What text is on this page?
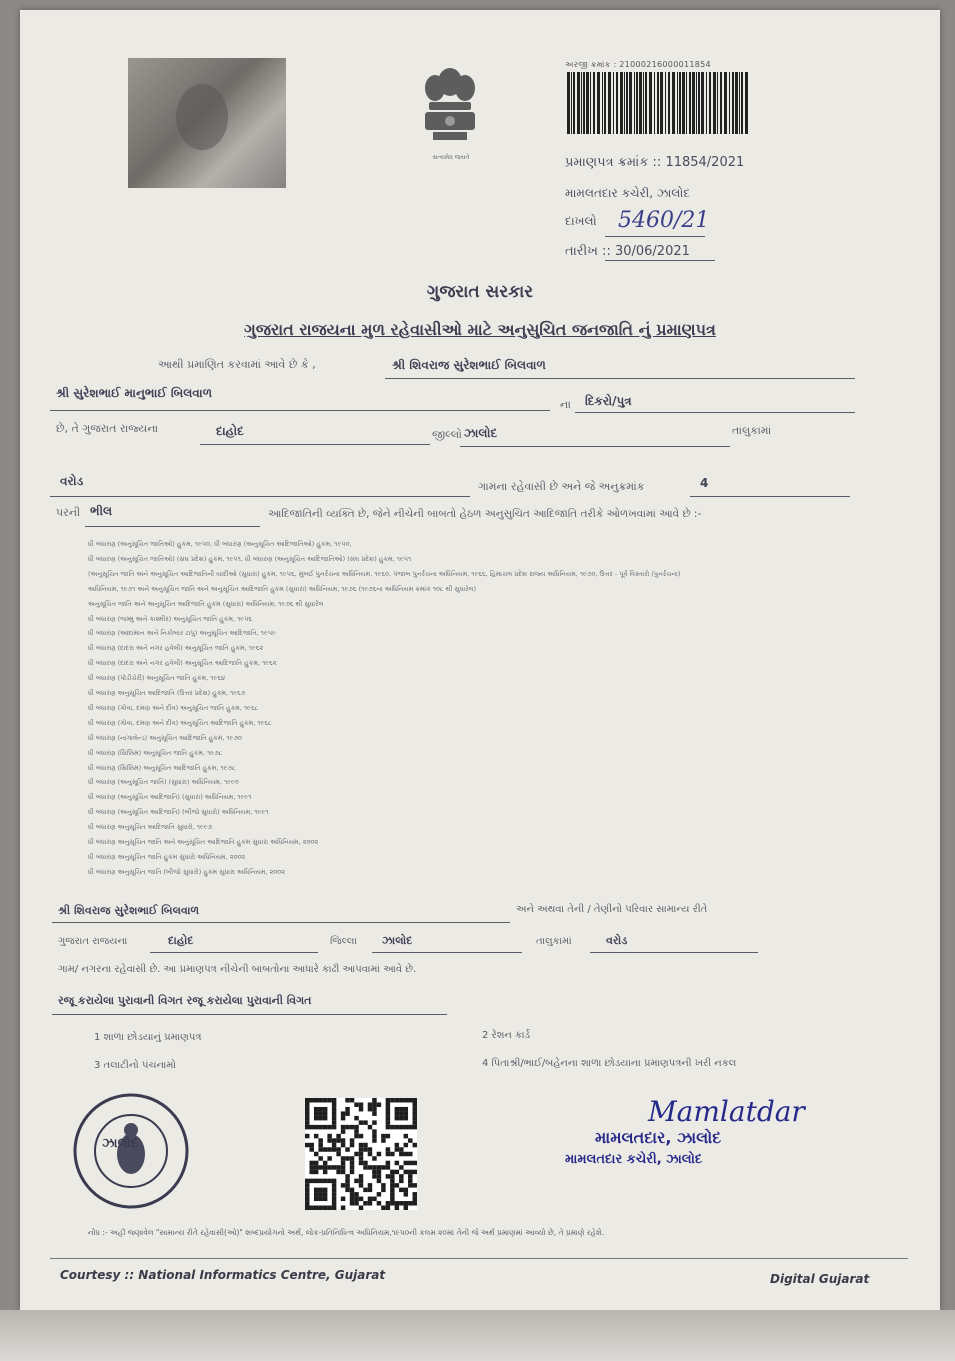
સત્યમેવ જયતે
અરજી ક્રમાંક : 21000216000011854
પ્રમાણપત્ર ક્રમાંક :: 11854/2021
મામલતદાર કચેરી, ઝાલોદ
દાખલો 5460/21
તારીખ :: 30/06/2021
ગુજરાત સરકાર
ગુજરાત રાજયના મુળ રહેવાસીઓ માટે અનુસુચિત જનજાતિ નું પ્રમાણપત્ર
આથી પ્રમાણિત કરવામાં આવે છે કે ,	શ્રી શિવરાજ સુરેશભાઈ બિલવાળ
શ્રી સુરેશભાઈ માનુભાઈ બિલવાળ
ના દિકરો/પુત્ર
છે, તે ગુજરાત રાજ્યના	દાહોદ	જીલ્લો ઝાલોદ	તાલુકામાં
વરોડ	ગામના રહેવાસી છે અને જે અનુક્રમાંક	4
પરની ભીલ	આદિજાતિની વ્યક્તિ છે, જેને નીચેની બાબતો હેઠળ અનુસુચિત આદિજાતિ તરીકે ઓળખવામાં આવે છે :-
ધી બંધારણ (અનુસૂચિત જાતિઓ) હુકમ, ૧૯૫૦, ધી બંધારણ (અનુસૂચિત આદિજાતિઓ) હુકમ, ૧૯૫૦,
ધી બંધારણ (અનુસૂચિત જાતિઓ) (સંઘ પ્રદેશ) હુકમ, ૧૯૫૧, ધી બંધારણ (અનુસૂચિત આદિજાતિઓ) (સંઘ પ્રદેશ) હુકમ, ૧૯૫૧
(અનુસૂચિત જાતિ અને અનુસૂચિત આદિજાતિની યાદીઓ (સુધારા) હુકમ, ૧૯૫૬, મુંબઈ પુનર્રચના અધિનિયમ, ૧૯૬૦, પંજાબ પુનર્રચના અધિનિયમ, ૧૯૬૬, હિમાચલ પ્રદેશ રાજ્ય અધિનિયમ, ૧૯૭૦, ઉત્તર - પૂર્વ વિસ્તારો (પુનર્રચના)
અધિનિયમ, ૧૯૭૧ અને અનુસૂચિત જાતિ અને અનુસૂચિત આદિજાતિ હુકમ (સુધારા) અધિનિયમ, ૧૯૭૬ (૧૯૭૬ના અધિનિયમ ક્રમાંક ૧૦૮ થી સુધારેલ)
અનુસૂચિત જાતિ અને અનુસૂચિત આદિજાતિ હુકમ (સુધારા) અધિનિયમ, ૧૯૭૬ થી સુધારેલ
ધી બંધારણ (જમ્મુ અને કાશ્મીર) અનુસૂચિત જાતિ હુકમ, ૧૯૫૬
ધી બંધારણ (આંદામાન અને નિકોબાર ટાપુ) અનુસૂચિત આદિજાતિ, ૧૯૫૯
ધી બંધારણ (દાદરા અને નગર હવેલી) અનુસૂચિત જાતિ હુકમ, ૧૯૬૨
ધી બંધારણ (દાદરા અને નગર હવેલી) અનુસૂચિત આદિજાતિ હુકમ, ૧૯૬૨
ધી બંધારણ (પોંડીચેરી) અનુસૂચિત જાતિ હુકમ, ૧૯૬૪
ધી બંધારણ અનુસૂચિત આદિજાતિ (ઉત્તર પ્રદેશ) હુકમ, ૧૯૬૭
ધી બંધારણ (ગોવા, દમણ અને દીવ) અનુસૂચિત જાતિ હુકમ, ૧૯૬૮
ધી બંધારણ (ગોવા, દમણ અને દીવ) અનુસૂચિત આદિજાતિ હુકમ, ૧૯૬૮
ધી બંધારણ (નાગાલેન્ડ) અનુસૂચિત આદિજાતિ હુકમ, ૧૯૭૦
ધી બંધારણ (સિક્કિમ) અનુસૂચિત જાતિ હુકમ, ૧૯૭૮
ધી બંધારણ (સિક્કિમ) અનુસૂચિત આદિજાતિ હુકમ, ૧૯૭૮
ધી બંધારણ (અનુસૂચિત જાતિ) (સુધારા) અધિનિયમ, ૧૯૯૦
ધી બંધારણ (અનુસૂચિત આદિજાતિ) (સુધારા) અધિનિયમ, ૧૯૯૧
ધી બંધારણ (અનુસૂચિત આદિજાતિ) (બીજો સુધારો) અધિનિયમ, ૧૯૯૧
ધી બંધારણ અનુસૂચિત આદિજાતિ સુધારો, ૧૯૯૭
ધી બંધારણ અનુસૂચિત જાતિ અને અનુસૂચિત આદિજાતિ હુકમ સુધારા અધિનિયમ, ૨૦૦૨
ધી બંધારણ અનુસૂચિત જાતિ હુકમ સુધારો અધિનિયમ, ૨૦૦૨
ધી બંધારણ અનુસૂચિત જાતિ (બીજો સુધારો) હુકમ સુધારા અધિનિયમ, ૨૦૦૨
શ્રી શિવરાજ સુરેશભાઈ બિલવાળ	અને અથવા તેની / તેણીનો પરિવાર સામાન્ય રીતે
ગુજરાત રાજયના	દાહોદ	જિલ્લા ઝાલોદ	તાલુકામાં	વરોડ
ગામ/ નગરના રહેવાસી છે. આ પ્રમાણપત્ર નીચેની બાબતોના આધારે કાઢી આપવામાં આવે છે.
રજૂ કરાયેલા પુરાવાની વિગત રજૂ કરાયેલા પુરાવાની વિગત
1 શાળા છોડયાનું પ્રમાણપત્ર	2 રેશન કાર્ડ
3 તલાટીનો પંચનામો	4 પિતાશ્રી/ભાઈ/બહેનના શાળા છોડયાના પ્રમાણપત્રની ખરી નકલ
ઝાલોદ
Mamlatdar
મામલતદાર, ઝાલોદ
મામલતદાર કચેરી, ઝાલોદ
નોંધ :- અહીં જણાવેલ "સામાન્ય રીતે રહેવાસી(ઓ)" શબ્દપ્રયોગનો અર્થ, લોક-પ્રતિનિધિત્વ અધિનિયમ,૧૯૫૦ની કલમ ૨૦માં તેની જે અર્થ પ્રમાણમાં આવ્યો છે, તે પ્રમાણે રહેશે.
Courtesy :: National Informatics Centre, Gujarat	Digital Gujarat
